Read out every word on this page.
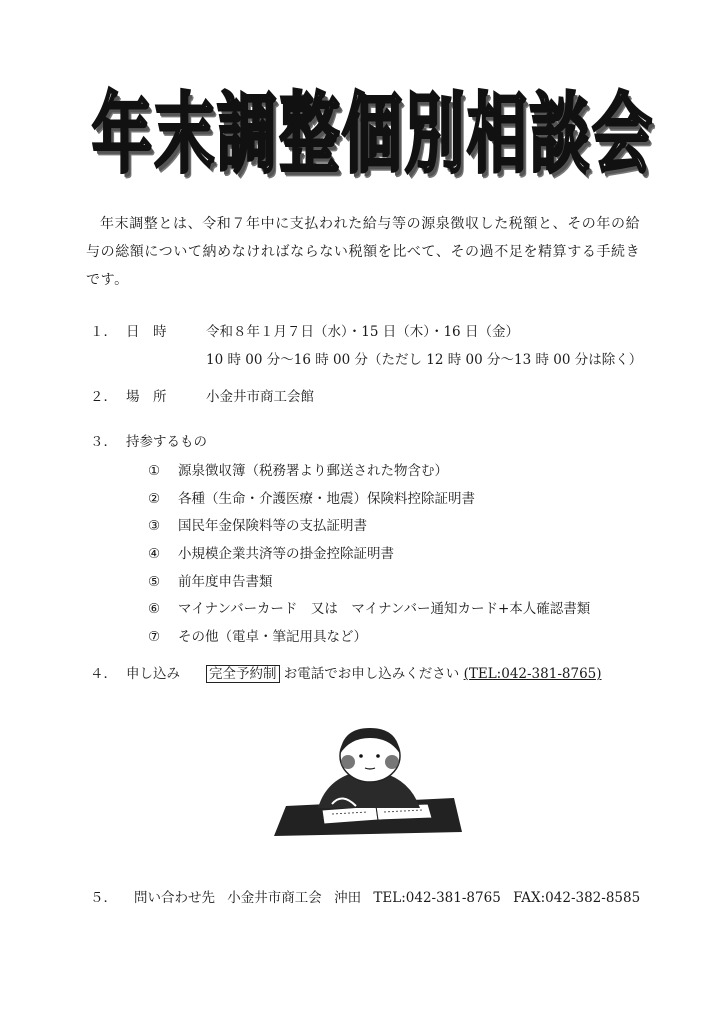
年 末 調 整 個 別 相 談 会

年末調整とは、令和７年中に支払われた給与等の源泉徴収した税額と、その年の給

与の総額について納めなければならない税額を比べて、その過不足を精算する手続き
です。
１． 日　時	令和８年１月７日（水）・15 日（木）・16 日（金）
10 時 00 分～16 時 00 分（ただし 12 時 00 分～13 時 00 分は除く）
２． 場　所	小金井市商工会館
３． 持参するもの
① 源泉徴収簿（税務署より郵送された物含む）
② 各種（生命・介護医療・地震）保険料控除証明書
③ 国民年金保険料等の支払証明書
④ 小規模企業共済等の掛金控除証明書
⑤ 前年度申告書類
⑥ マイナンバーカード　又は　マイナンバー通知カード+本人確認書類
⑦ その他（電卓・筆記用具など）
４． 申し込み 完全予約制 お電話でお申し込みください (TEL:042-381-8765)
５． 問い合わせ先 小金井市商工会 沖田 TEL:042-381-8765 FAX:042-382-8585
